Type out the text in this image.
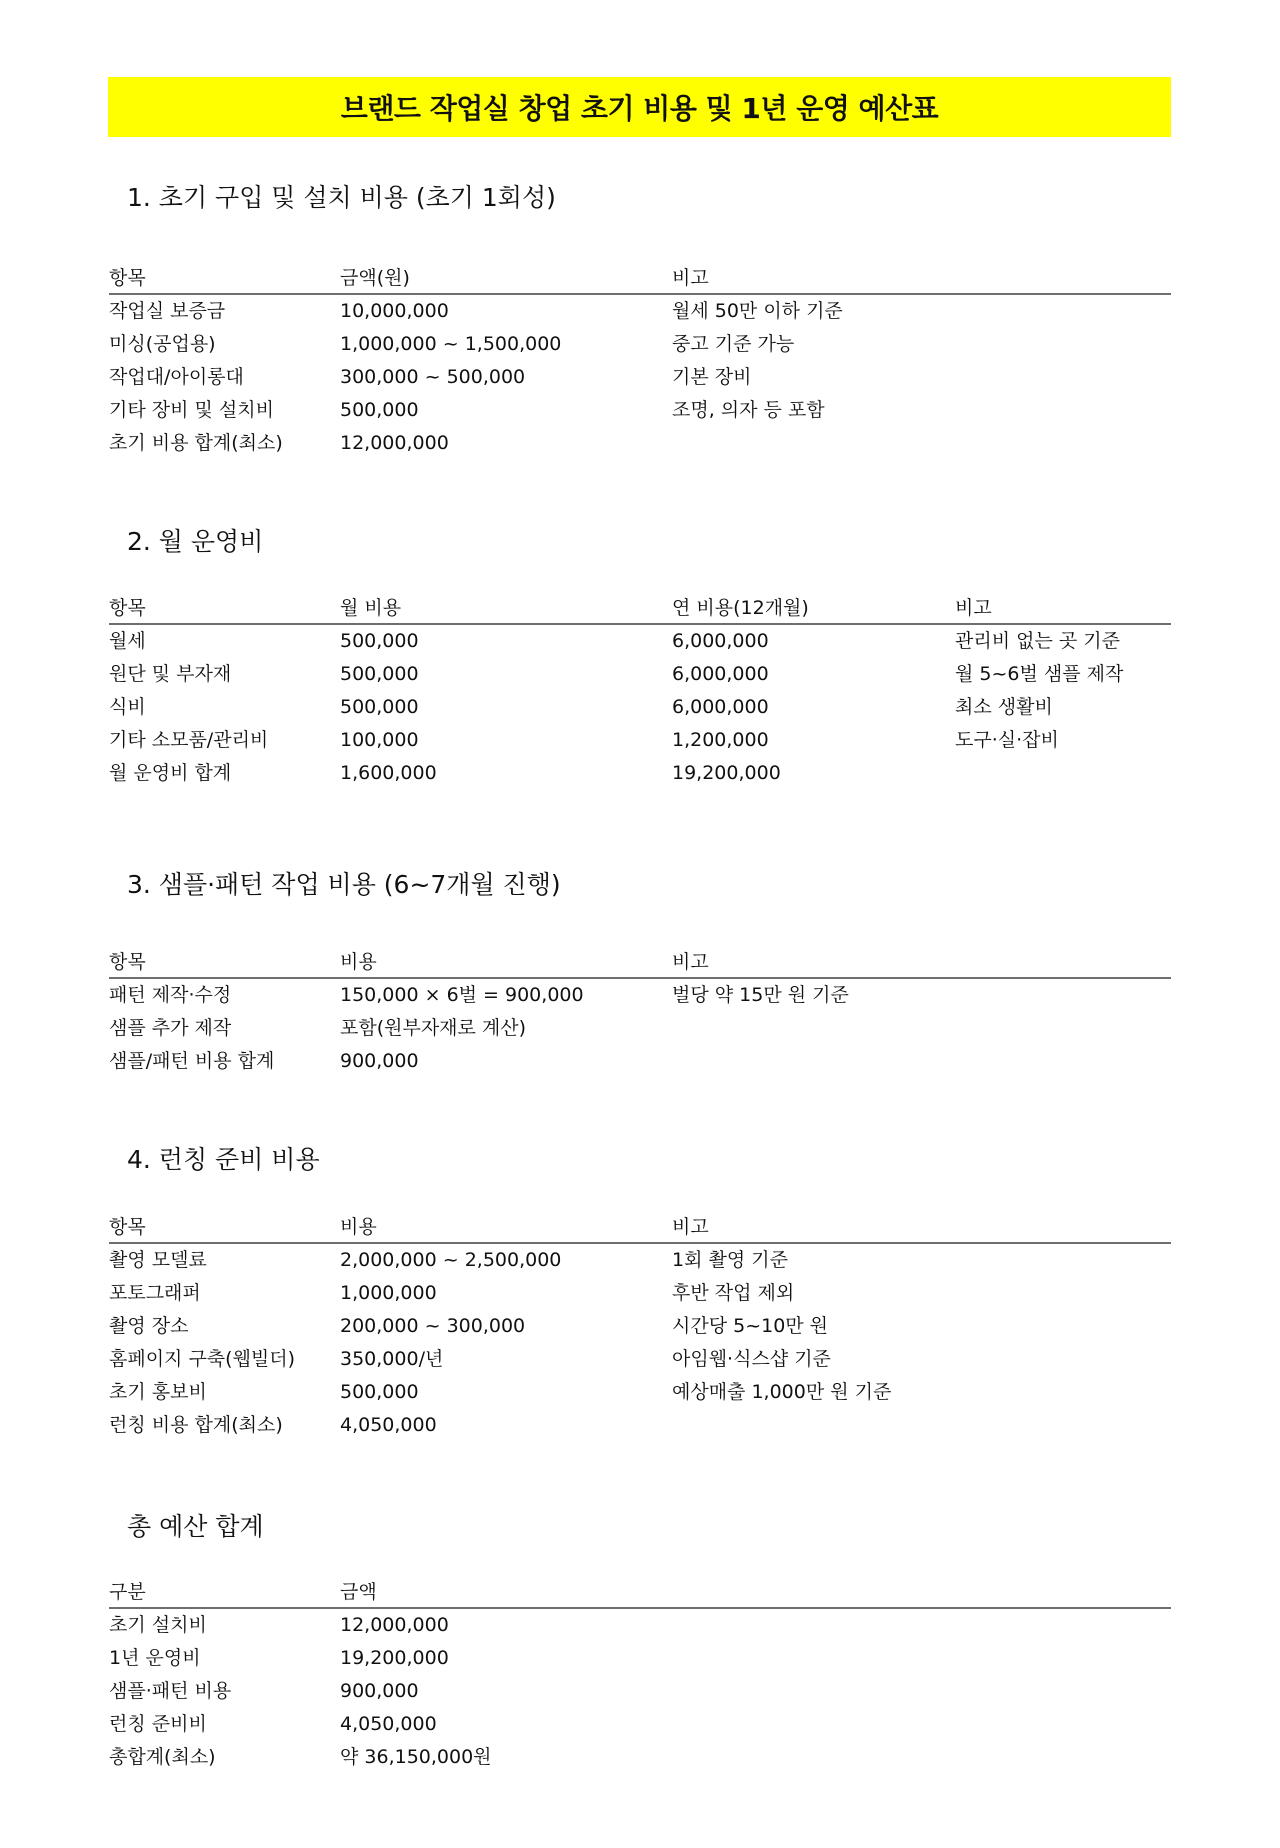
브랜드 작업실 창업 초기 비용 및 1년 운영 예산표
1. 초기 구입 및 설치 비용 (초기 1회성)
항목	금액(원)	비고
작업실 보증금	10,000,000	월세 50만 이하 기준
미싱(공업용)	1,000,000 ~ 1,500,000	중고 기준 가능
작업대/아이롱대	300,000 ~ 500,000	기본 장비
기타 장비 및 설치비	500,000	조명, 의자 등 포함
초기 비용 합계(최소)	12,000,000
2. 월 운영비
항목	월 비용	연 비용(12개월)	비고
월세	500,000	6,000,000	관리비 없는 곳 기준
원단 및 부자재	500,000	6,000,000	월 5~6벌 샘플 제작
식비	500,000	6,000,000	최소 생활비
기타 소모품/관리비	100,000	1,200,000	도구·실·잡비
월 운영비 합계	1,600,000	19,200,000
3. 샘플·패턴 작업 비용 (6~7개월 진행)
항목	비용	비고
패턴 제작·수정	150,000 × 6벌 = 900,000	벌당 약 15만 원 기준
샘플 추가 제작	포함(원부자재로 계산)
샘플/패턴 비용 합계	900,000
4. 런칭 준비 비용
항목	비용	비고
촬영 모델료	2,000,000 ~ 2,500,000	1회 촬영 기준
포토그래퍼	1,000,000	후반 작업 제외
촬영 장소	200,000 ~ 300,000	시간당 5~10만 원
홈페이지 구축(웹빌더) 350,000/년	아임웹·식스샵 기준
초기 홍보비	500,000	예상매출 1,000만 원 기준
런칭 비용 합계(최소)	4,050,000
총 예산 합계
구분	금액
초기 설치비	12,000,000
1년 운영비	19,200,000
샘플·패턴 비용	900,000
런칭 준비비	4,050,000
총합계(최소)	약 36,150,000원
